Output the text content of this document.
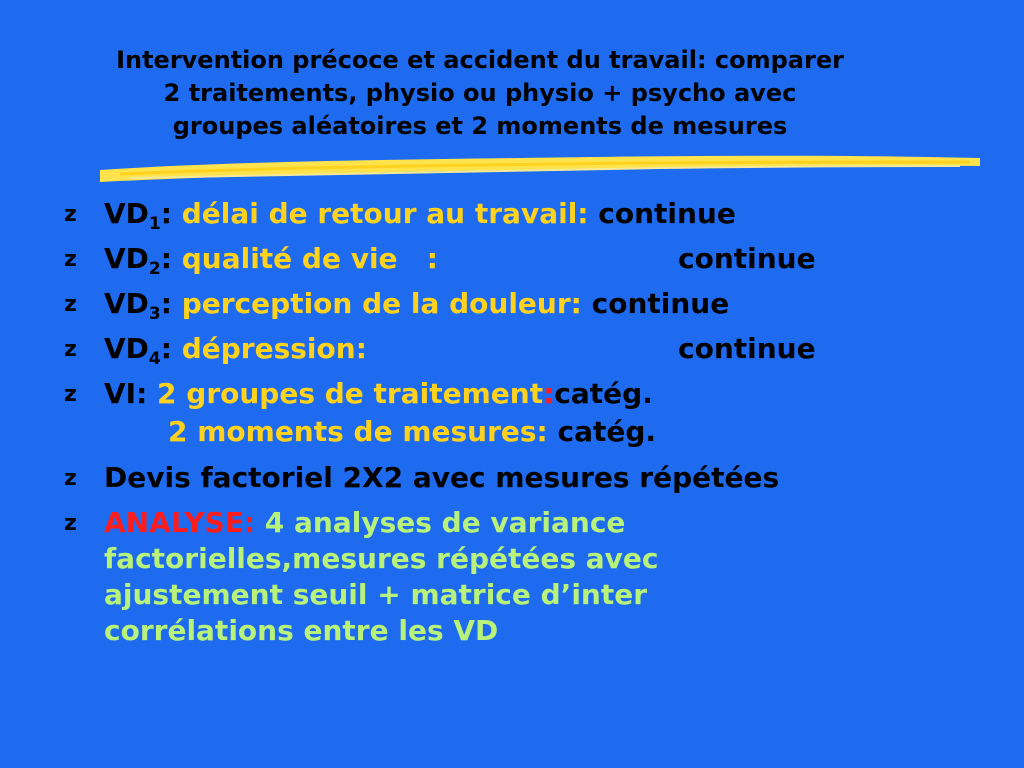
Intervention précoce et accident du travail: comparer
2 traitements, physio ou physio + psycho avec
groupes aléatoires et 2 moments de mesures
z $VD_1$: délai de retour au travail: continue
z $VD_2$: qualité de vie   :	continue
z $VD_3$: perception de la douleur: continue
z $VD_4$: dépression:	continue
z VI: 2 groupes de traitement:catég.
2 moments de mesures: catég.
z Devis factoriel 2X2 avec mesures répétées
z ANALYSE: 4 analyses de variance
factorielles,mesures répétées avec
ajustement seuil + matrice d’inter
corrélations entre les VD
